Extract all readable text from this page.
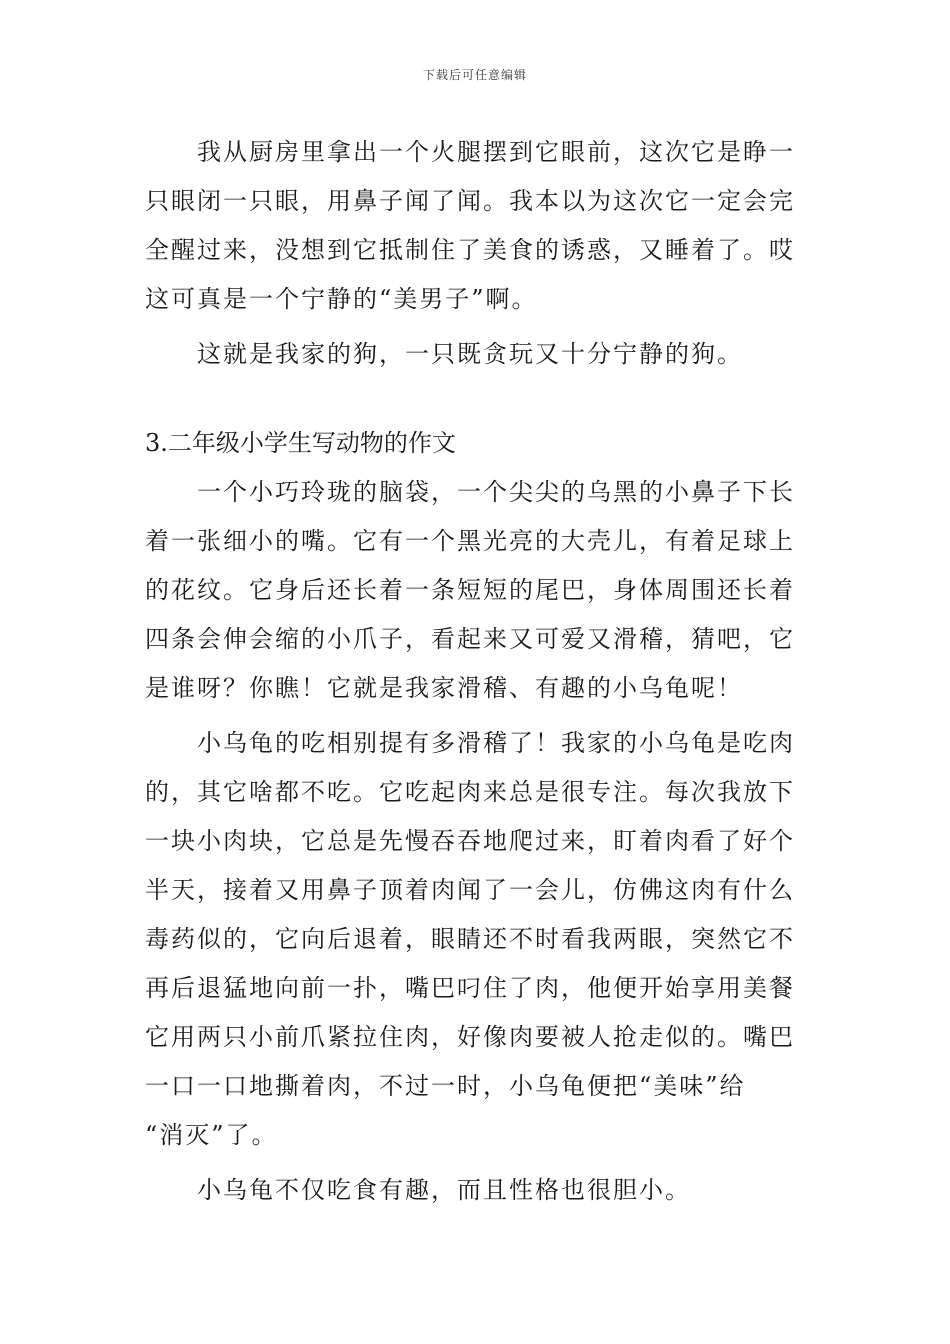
下载后可任意编辑
我从厨房里拿出一个火腿摆到它眼前，这次它是睁一
只眼闭一只眼，用鼻子闻了闻。我本以为这次它一定会完
全醒过来，没想到它抵制住了美食的诱惑，又睡着了。哎
这可真是一个宁静的“美男子”啊。
这就是我家的狗，一只既贪玩又十分宁静的狗。
3.二年级小学生写动物的作文
一个小巧玲珑的脑袋，一个尖尖的乌黑的小鼻子下长
着一张细小的嘴。它有一个黑光亮的大壳儿，有着足球上
的花纹。它身后还长着一条短短的尾巴，身体周围还长着
四条会伸会缩的小爪子，看起来又可爱又滑稽，猜吧，它
是谁呀？你瞧！它就是我家滑稽、有趣的小乌龟呢！
小乌龟的吃相别提有多滑稽了！我家的小乌龟是吃肉
的，其它啥都不吃。它吃起肉来总是很专注。每次我放下
一块小肉块，它总是先慢吞吞地爬过来，盯着肉看了好个
半天，接着又用鼻子顶着肉闻了一会儿，仿佛这肉有什么
毒药似的，它向后退着，眼睛还不时看我两眼，突然它不
再后退猛地向前一扑，嘴巴叼住了肉，他便开始享用美餐
它用两只小前爪紧拉住肉，好像肉要被人抢走似的。嘴巴
一口一口地撕着肉，不过一时，小乌龟便把“美味”给
“消灭”了。
小乌龟不仅吃食有趣，而且性格也很胆小。
